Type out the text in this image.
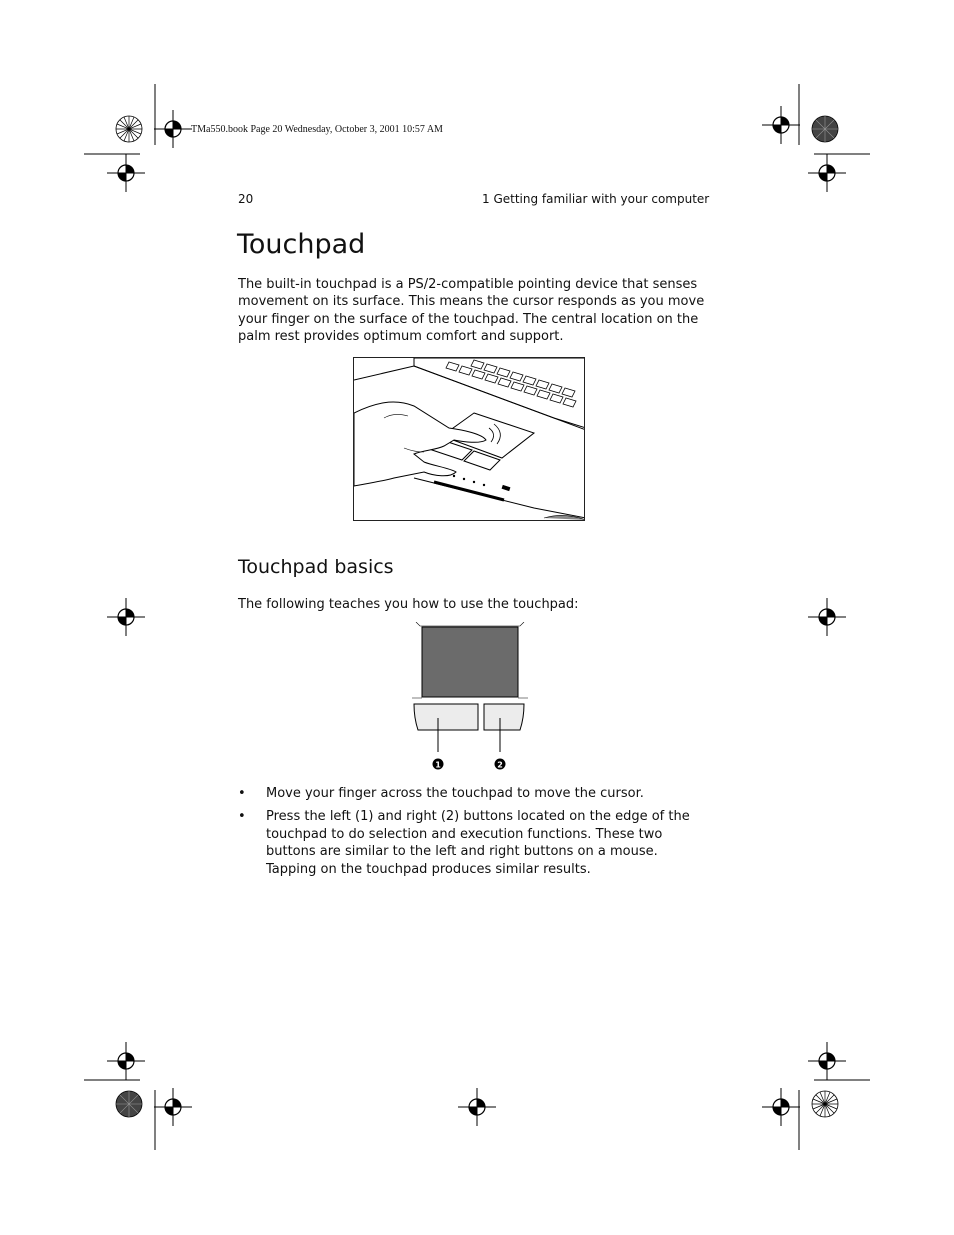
TMa550.book Page 20 Wednesday, October 3, 2001 10:57 AM
20	1 Getting familiar with your computer
Touchpad

The built-in touchpad is a PS/2-compatible pointing device that senses movement on its surface. This means the cursor responds as you move your finger on the surface of the touchpad. The central location on the palm rest provides optimum comfort and support.

Touchpad basics

The following teaches you how to use the touchpad:

1	2
• Move your finger across the touchpad to move the cursor.
• Press the left (1) and right (2) buttons located on the edge of the touchpad to do selection and execution functions. These two buttons are similar to the left and right buttons on a mouse. Tapping on the touchpad produces similar results.
